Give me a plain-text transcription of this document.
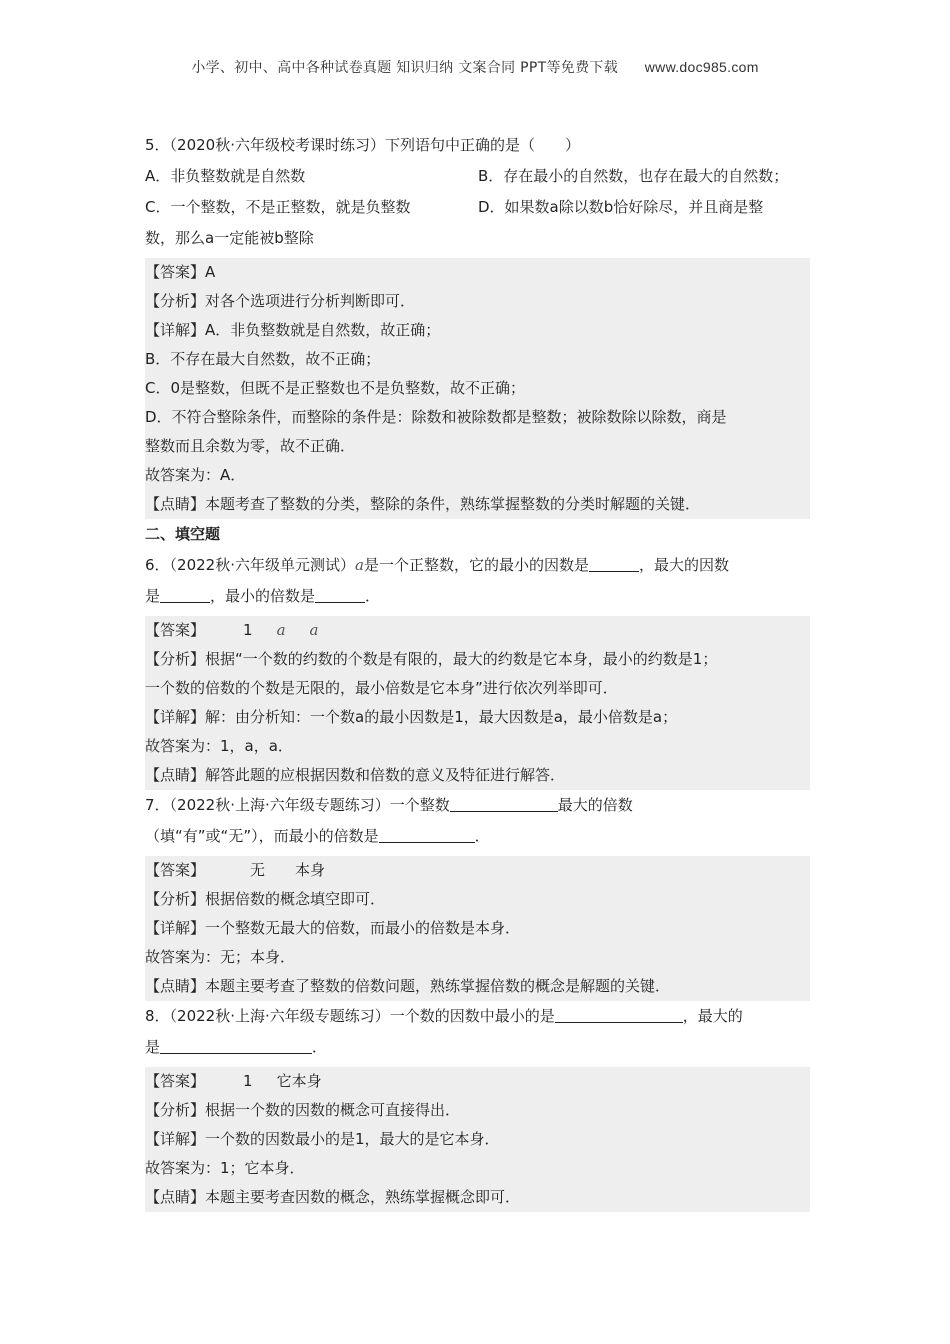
小学、初中、高中各种试卷真题 知识归纳 文案合同 PPT等免费下载 www.doc985.com
5．（2020秋·六年级校考课时练习）下列语句中正确的是（　　）
A．非负整数就是自然数	B．存在最小的自然数，也存在最大的自然数；
C．一个整数，不是正整数，就是负整数	D．如果数a除以数b恰好除尽，并且商是整
数，那么a一定能被b整除
【答案】A
【分析】对各个选项进行分析判断即可．
【详解】A．非负整数就是自然数，故正确；
B．不存在最大自然数，故不正确；
C．0是整数，但既不是正整数也不是负整数，故不正确；
D．不符合整除条件，而整除的条件是：除数和被除数都是整数；被除数除以除数，商是
整数而且余数为零，故不正确．
故答案为：A．
【点睛】本题考查了整数的分类，整除的条件，熟练掌握整数的分类时解题的关键．
二、填空题
6．（2022秋·六年级单元测试）a是一个正整数，它的最小的因数是	，最大的因数
是	，最小的倍数是	．
【答案】	1 a a
【分析】根据“一个数的约数的个数是有限的，最大的约数是它本身，最小的约数是1；
一个数的倍数的个数是无限的，最小倍数是它本身”进行依次列举即可．
【详解】解：由分析知：一个数a的最小因数是1，最大因数是a，最小倍数是a；
故答案为：1，a，a．
【点睛】解答此题的应根据因数和倍数的意义及特征进行解答．
7．（2022秋·上海·六年级专题练习）一个整数	最大的倍数
（填“有”或“无”），而最小的倍数是	．
【答案】	无 本身
【分析】根据倍数的概念填空即可．
【详解】一个整数无最大的倍数，而最小的倍数是本身．
故答案为：无；本身．
【点睛】本题主要考查了整数的倍数问题，熟练掌握倍数的概念是解题的关键．
8．（2022秋·上海·六年级专题练习）一个数的因数中最小的是	，最大的
是	．
【答案】	1 它本身
【分析】根据一个数的因数的概念可直接得出．
【详解】一个数的因数最小的是1，最大的是它本身．
故答案为：1；它本身．
【点睛】本题主要考查因数的概念，熟练掌握概念即可．
